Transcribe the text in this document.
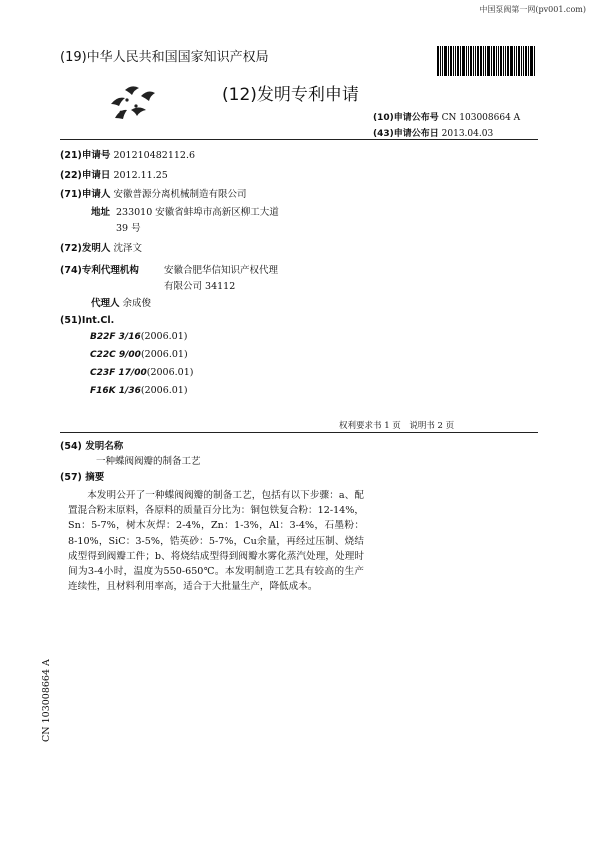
中国泵阀第一网(pv001.com)
(19)中华人民共和国国家知识产权局
(12)发明专利申请
(10)申请公布号 CN 103008664 A
(43)申请公布日 2013.04.03
(21)申请号 201210482112.6
(22)申请日 2012.11.25
(71)申请人 安徽普源分离机械制造有限公司
地址 233010 安徽省蚌埠市高新区柳工大道
39 号
(72)发明人 沈泽文
(74)专利代理机构	安徽合肥华信知识产权代理
有限公司 34112
代理人 余成俊
(51)Int.Cl.
B22F 3/16(2006.01)
C22C 9/00(2006.01)
C23F 17/00(2006.01)
F16K 1/36(2006.01)
权利要求书 1 页　说明书 2 页
(54) 发明名称
一种蝶阀阀瓣的制备工艺
(57) 摘要
本发明公开了一种蝶阀阀瓣的制备工艺，包括有以下步骤：a、配置混合粉末原料，各原料的质量百分比为：铜包铁复合粉：12-14%，Sn：5-7%，树木灰焊：2-4%，Zn：1-3%，Al：3-4%，石墨粉：8-10%，SiC：3-5%，锆英砂：5-7%，Cu余量，再经过压制、烧结成型得到阀瓣工件；b、将烧结成型得到阀瓣水雾化蒸汽处理，处理时间为3-4小时，温度为550-650℃。本发明制造工艺具有较高的生产连续性，且材料利用率高，适合于大批量生产，降低成本。
CN 103008664 A
